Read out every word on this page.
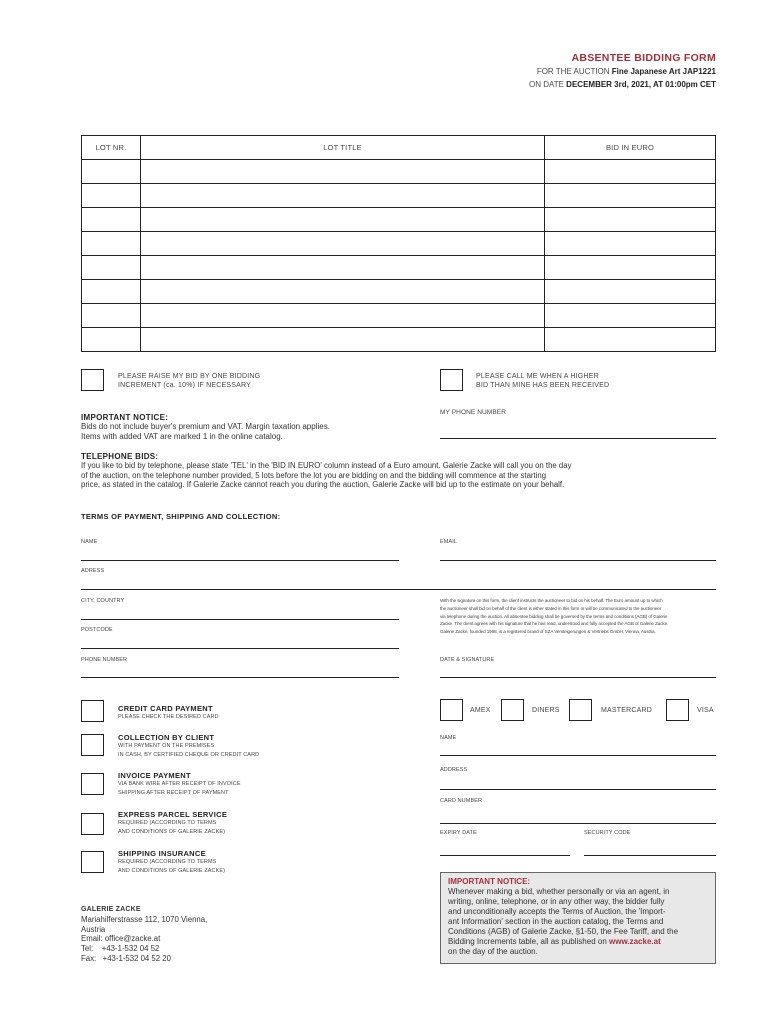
ABSENTEE BIDDING FORM
FOR THE AUCTION Fine Japanese Art JAP1221
ON DATE DECEMBER 3rd, 2021, AT 01:00pm CET
LOT NR.	LOT TITLE	BID IN EURO

PLEASE RAISE MY BID BY ONE BIDDING
INCREMENT (ca. 10%) IF NECESSARY
PLEASE CALL ME WHEN A HIGHER
BID THAN MINE HAS BEEN RECEIVED
MY PHONE NUMBER
IMPORTANT NOTICE:
Bids do not include buyer's premium and VAT. Margin taxation applies.
Items with added VAT are marked 1 in the online catalog.
TELEPHONE BIDS:
If you like to bid by telephone, please state 'TEL' in the 'BID IN EURO' column instead of a Euro amount. Galerie Zacke will call you on the day
of the auction, on the telephone number provided, 5 lots before the lot you are bidding on and the bidding will commence at the starting
price, as stated in the catalog. If Galerie Zacke cannot reach you during the auction, Galerie Zacke will bid up to the estimate on your behalf.
TERMS OF PAYMENT, SHIPPING AND COLLECTION:
NAME	EMAIL
ADRESS
CITY, COUNTRY
POSTCODE
PHONE NUMBER
With the signature on this form, the client instructs the auctioneer to bid on his behalf. The Euro amount up to which
the auctioneer shall bid on behalf of the client is either stated in this form or will be communicated to the auctioneer
via telephone during the auction. All absentee bidding shall be governed by the terms and conditions (AGB) of Galerie
Zacke. The client agrees with his signature that he has read, understood and fully accepted the AGB of Galerie Zacke.
Galerie Zacke, founded 1968, is a registered brand of SZA Versteigerungen & Vertriebs GmbH, Vienna, Austria.
DATE & SIGNATURE
CREDIT CARD PAYMENT
PLEASE CHECK THE DESIRED CARD
COLLECTION BY CLIENT
WITH PAYMENT ON THE PREMISES
IN CASH, BY CERTIFIED CHEQUE OR CREDIT CARD
INVOICE PAYMENT
VIA BANK WIRE AFTER RECEIPT OF INVOICE
SHIPPING AFTER RECEIPT OF PAYMENT
EXPRESS PARCEL SERVICE
REQUIRED (ACCORDING TO TERMS
AND CONDITIONS OF GALERIE ZACKE)
SHIPPING INSURANCE
REQUIRED (ACCORDING TO TERMS
AND CONDITIONS OF GALERIE ZACKE)
AMEX	DINERS	MASTERCARD	VISA
NAME
ADDRESS
CARD NUMBER
EXPIRY DATE	SECURITY CODE
GALERIE ZACKE
Mariahilferstrasse 112, 1070 Vienna,
Austria
Email: office@zacke.at
Tel:    +43-1-532 04 52
Fax:   +43-1-532 04 52 20
IMPORTANT NOTICE:
Whenever making a bid, whether personally or via an agent, in
writing, online, telephone, or in any other way, the bidder fully
and unconditionally accepts the Terms of Auction, the 'Import-
ant Information' section in the auction catalog, the Terms and
Conditions (AGB) of Galerie Zacke, §1-50, the Fee Tariff, and the
Bidding Increments table, all as published on www.zacke.at
on the day of the auction.
